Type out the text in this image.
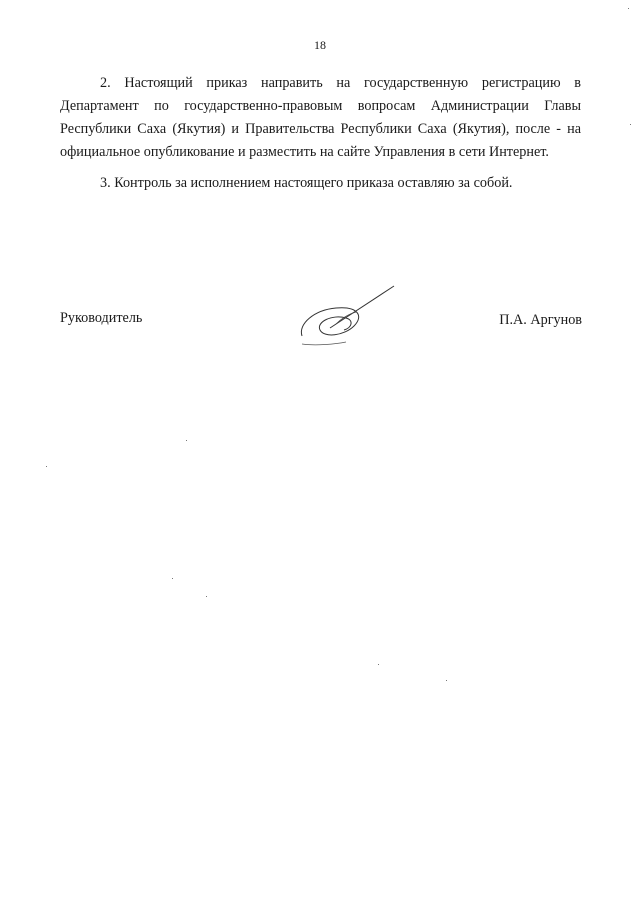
18

2. Настоящий приказ направить на государственную регистрацию в Департамент по государственно-правовым вопросам Администрации Главы Республики Саха (Якутия) и Правительства Республики Саха (Якутия), после - на официальное опубликование и разместить на сайте Управления в сети Интернет.

3. Контроль за исполнением настоящего приказа оставляю за собой.

Руководитель	П.А. Аргунов
